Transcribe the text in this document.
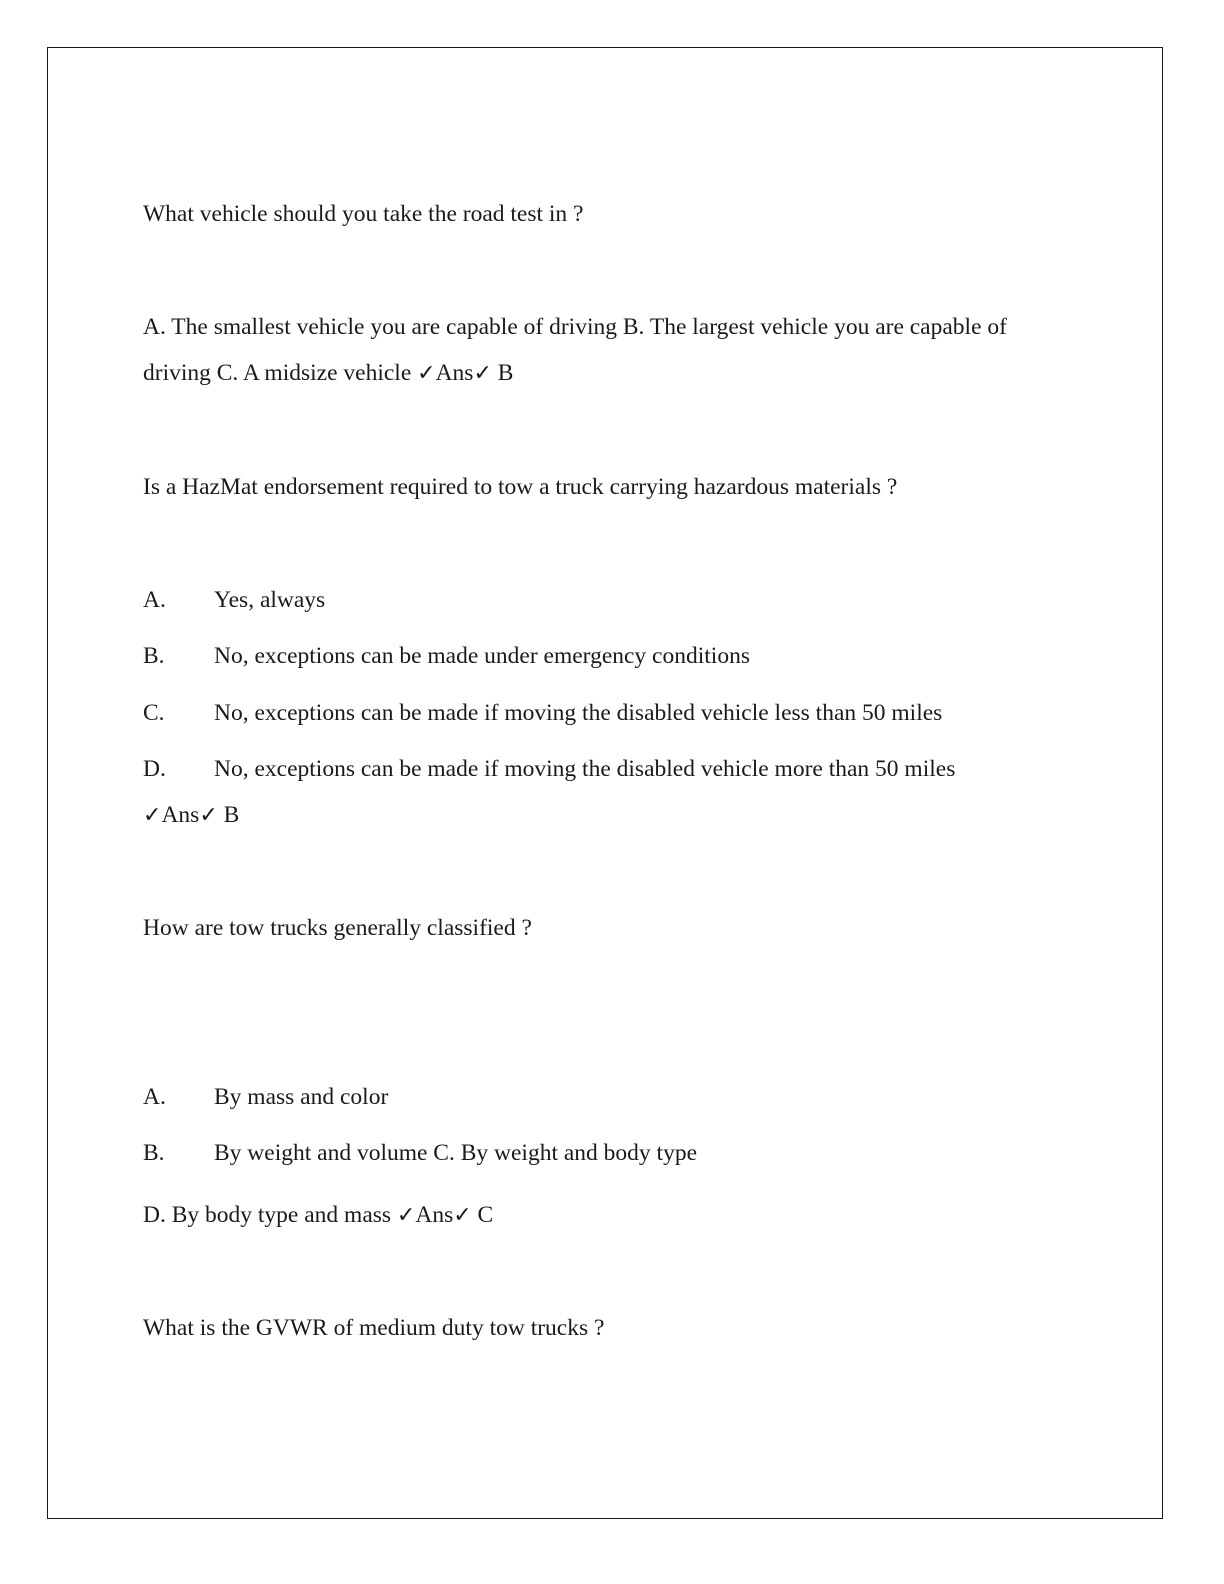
What vehicle should you take the road test in ?
A. The smallest vehicle you are capable of driving B. The largest vehicle you are capable of
driving C. A midsize vehicle ✓Ans✓ B
Is a HazMat endorsement required to tow a truck carrying hazardous materials ?
A. Yes, always
B. No, exceptions can be made under emergency conditions
C. No, exceptions can be made if moving the disabled vehicle less than 50 miles
D. No, exceptions can be made if moving the disabled vehicle more than 50 miles
✓Ans✓ B
How are tow trucks generally classified ?
A. By mass and color
B. By weight and volume C. By weight and body type
D. By body type and mass ✓Ans✓ C
What is the GVWR of medium duty tow trucks ?
